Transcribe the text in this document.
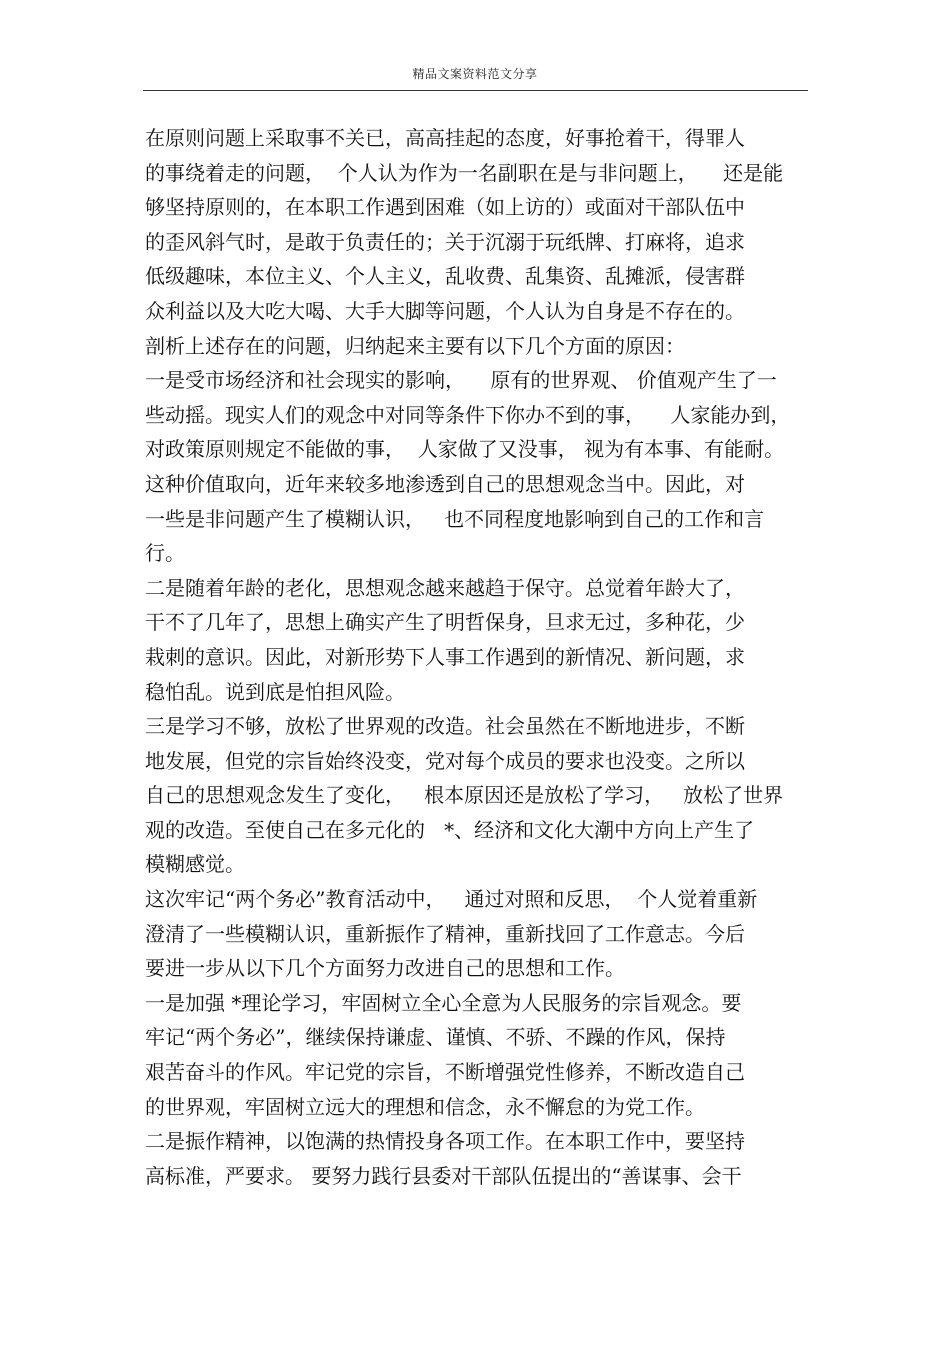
精品文案资料范文分享
在原则问题上采取事不关已，高高挂起的态度，好事抢着干，得罪人
的事绕着走的问题，  个人认为作为一名副职在是与非问题上，    还是能
够坚持原则的，在本职工作遇到困难（如上访的）或面对干部队伍中
的歪风斜气时，是敢于负责任的；关于沉溺于玩纸牌、打麻将，追求
低级趣味，本位主义、个人主义，乱收费、乱集资、乱摊派，侵害群
众利益以及大吃大喝、大手大脚等问题，个人认为自身是不存在的。
剖析上述存在的问题，归纳起来主要有以下几个方面的原因：
一是受市场经济和社会现实的影响，    原有的世界观、 价值观产生了一
些动摇。现实人们的观念中对同等条件下你办不到的事，    人家能办到，
对政策原则规定不能做的事，  人家做了又没事， 视为有本事、有能耐。
这种价值取向，近年来较多地渗透到自己的思想观念当中。因此，对
一些是非问题产生了模糊认识，   也不同程度地影响到自己的工作和言
行。
二是随着年龄的老化，思想观念越来越趋于保守。总觉着年龄大了，
干不了几年了，思想上确实产生了明哲保身，旦求无过，多种花，少
栽刺的意识。因此，对新形势下人事工作遇到的新情况、新问题，求
稳怕乱。说到底是怕担风险。
三是学习不够，放松了世界观的改造。社会虽然在不断地进步，不断
地发展，但党的宗旨始终没变，党对每个成员的要求也没变。之所以
自己的思想观念发生了变化，   根本原因还是放松了学习，   放松了世界
观的改造。至使自己在多元化的   *、经济和文化大潮中方向上产生了
模糊感觉。
这次牢记“两个务必”教育活动中，   通过对照和反思，  个人觉着重新
澄清了一些模糊认识，重新振作了精神，重新找回了工作意志。今后
要进一步从以下几个方面努力改进自己的思想和工作。
一是加强 *理论学习，牢固树立全心全意为人民服务的宗旨观念。要
牢记“两个务必”，继续保持谦虚、谨慎、不骄、不躁的作风，保持
艰苦奋斗的作风。牢记党的宗旨，不断增强党性修养，不断改造自己
的世界观，牢固树立远大的理想和信念，永不懈怠的为党工作。
二是振作精神，以饱满的热情投身各项工作。在本职工作中，要坚持
高标准，严要求。 要努力践行县委对干部队伍提出的“善谋事、会干
